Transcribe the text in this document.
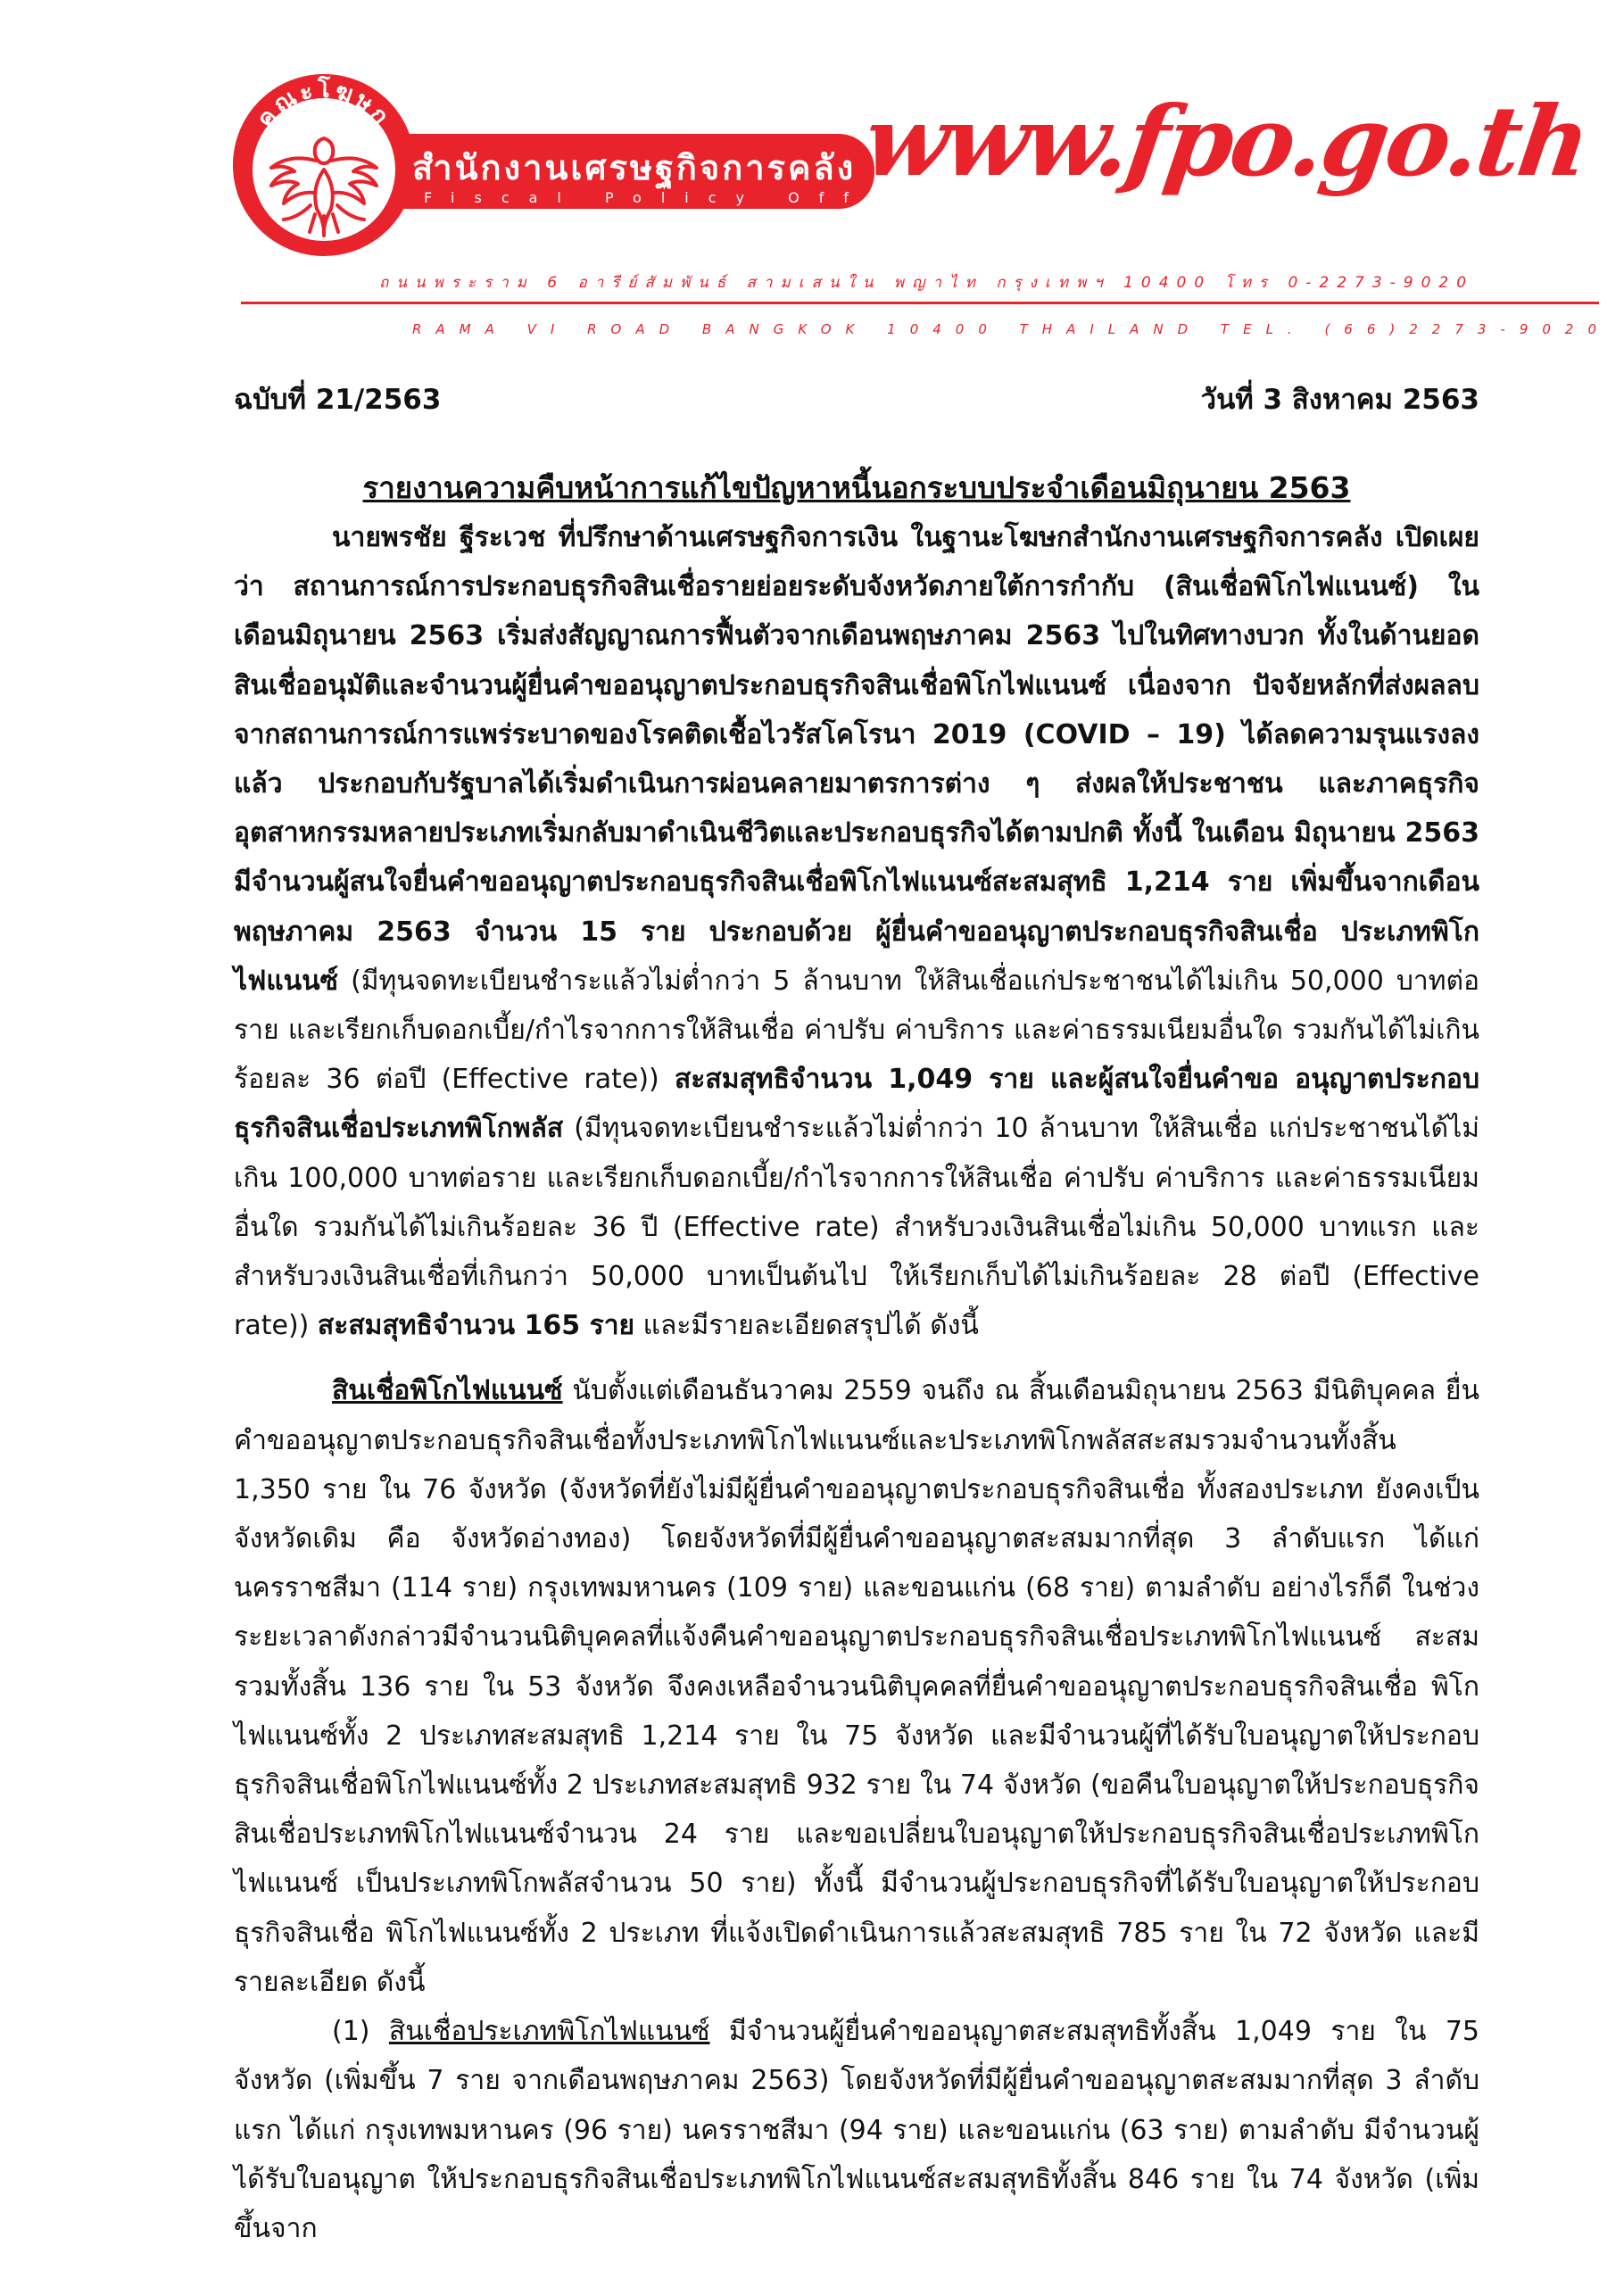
คณะโฆษก
สำนักงานเศรษฐกิจการคลัง
Fiscal Policy Office
www.fpo.go.th
ถนนพระราม 6 อารีย์สัมพันธ์ สามเสนใน พญาไท กรุงเทพฯ 10400 โทร 0-2273-9020
RAMA VI ROAD BANGKOK 10400 THAILAND TEL. (66)2273-9020
ฉบับที่ 21/2563	วันที่ 3 สิงหาคม 2563
รายงานความคืบหน้าการแก้ไขปัญหาหนี้นอกระบบประจำเดือนมิถุนายน 2563

นายพรชัย ฐีระเวช ที่ปรึกษาด้านเศรษฐกิจการเงิน ในฐานะโฆษกสำนักงานเศรษฐกิจการคลัง เปิดเผยว่า สถานการณ์การประกอบธุรกิจสินเชื่อรายย่อยระดับจังหวัดภายใต้การกำกับ (สินเชื่อพิโกไฟแนนซ์) ในเดือนมิถุนายน 2563 เริ่มส่งสัญญาณการฟื้นตัวจากเดือนพฤษภาคม 2563 ไปในทิศทางบวก ทั้งในด้านยอดสินเชื่ออนุมัติและจำนวนผู้ยื่นคำขออนุญาตประกอบธุรกิจสินเชื่อพิโกไฟแนนซ์ เนื่องจาก ปัจจัยหลักที่ส่งผลลบจากสถานการณ์การแพร่ระบาดของโรคติดเชื้อไวรัสโคโรนา 2019 (COVID – 19) ได้ลดความรุนแรงลงแล้ว ประกอบกับรัฐบาลได้เริ่มดำเนินการผ่อนคลายมาตรการต่าง ๆ ส่งผลให้ประชาชน และภาคธุรกิจอุตสาหกรรมหลายประเภทเริ่มกลับมาดำเนินชีวิตและประกอบธุรกิจได้ตามปกติ ทั้งนี้ ในเดือน มิถุนายน 2563 มีจำนวนผู้สนใจยื่นคำขออนุญาตประกอบธุรกิจสินเชื่อพิโกไฟแนนซ์สะสมสุทธิ 1,214 ราย เพิ่มขึ้นจากเดือนพฤษภาคม 2563 จำนวน 15 ราย ประกอบด้วย ผู้ยื่นคำขออนุญาตประกอบธุรกิจสินเชื่อ ประเภทพิโกไฟแนนซ์ (มีทุนจดทะเบียนชำระแล้วไม่ต่ำกว่า 5 ล้านบาท ให้สินเชื่อแก่ประชาชนได้ไม่เกิน 50,000 บาทต่อราย และเรียกเก็บดอกเบี้ย/กำไรจากการให้สินเชื่อ ค่าปรับ ค่าบริการ และค่าธรรมเนียมอื่นใด รวมกันได้ไม่เกินร้อยละ 36 ต่อปี (Effective rate)) สะสมสุทธิจำนวน 1,049 ราย และผู้สนใจยื่นคำขอ อนุญาตประกอบธุรกิจสินเชื่อประเภทพิโกพลัส (มีทุนจดทะเบียนชำระแล้วไม่ต่ำกว่า 10 ล้านบาท ให้สินเชื่อ แก่ประชาชนได้ไม่เกิน 100,000 บาทต่อราย และเรียกเก็บดอกเบี้ย/กำไรจากการให้สินเชื่อ ค่าปรับ ค่าบริการ และค่าธรรมเนียมอื่นใด รวมกันได้ไม่เกินร้อยละ 36 ปี (Effective rate) สำหรับวงเงินสินเชื่อไม่เกิน 50,000 บาทแรก และสำหรับวงเงินสินเชื่อที่เกินกว่า 50,000 บาทเป็นต้นไป ให้เรียกเก็บได้ไม่เกินร้อยละ 28 ต่อปี (Effective rate)) สะสมสุทธิจำนวน 165 ราย และมีรายละเอียดสรุปได้ ดังนี้

สินเชื่อพิโกไฟแนนซ์ นับตั้งแต่เดือนธันวาคม 2559 จนถึง ณ สิ้นเดือนมิถุนายน 2563 มีนิติบุคคล ยื่นคำขออนุญาตประกอบธุรกิจสินเชื่อทั้งประเภทพิโกไฟแนนซ์และประเภทพิโกพลัสสะสมรวมจำนวนทั้งสิ้น 1,350 ราย ใน 76 จังหวัด (จังหวัดที่ยังไม่มีผู้ยื่นคำขออนุญาตประกอบธุรกิจสินเชื่อ ทั้งสองประเภท ยังคงเป็นจังหวัดเดิม คือ จังหวัดอ่างทอง) โดยจังหวัดที่มีผู้ยื่นคำขออนุญาตสะสมมากที่สุด 3 ลำดับแรก ได้แก่ นครราชสีมา (114 ราย) กรุงเทพมหานคร (109 ราย) และขอนแก่น (68 ราย) ตามลำดับ อย่างไรก็ดี ในช่วงระยะเวลาดังกล่าวมีจำนวนนิติบุคคลที่แจ้งคืนคำขออนุญาตประกอบธุรกิจสินเชื่อประเภทพิโกไฟแนนซ์ สะสมรวมทั้งสิ้น 136 ราย ใน 53 จังหวัด จึงคงเหลือจำนวนนิติบุคคลที่ยื่นคำขออนุญาตประกอบธุรกิจสินเชื่อ พิโกไฟแนนซ์ทั้ง 2 ประเภทสะสมสุทธิ 1,214 ราย ใน 75 จังหวัด และมีจำนวนผู้ที่ได้รับใบอนุญาตให้ประกอบ ธุรกิจสินเชื่อพิโกไฟแนนซ์ทั้ง 2 ประเภทสะสมสุทธิ 932 ราย ใน 74 จังหวัด (ขอคืนใบอนุญาตให้ประกอบธุรกิจ สินเชื่อประเภทพิโกไฟแนนซ์จำนวน 24 ราย และขอเปลี่ยนใบอนุญาตให้ประกอบธุรกิจสินเชื่อประเภทพิโกไฟแนนซ์ เป็นประเภทพิโกพลัสจำนวน 50 ราย) ทั้งนี้ มีจำนวนผู้ประกอบธุรกิจที่ได้รับใบอนุญาตให้ประกอบธุรกิจสินเชื่อ พิโกไฟแนนซ์ทั้ง 2 ประเภท ที่แจ้งเปิดดำเนินการแล้วสะสมสุทธิ 785 ราย ใน 72 จังหวัด และมีรายละเอียด ดังนี้

(1) สินเชื่อประเภทพิโกไฟแนนซ์ มีจำนวนผู้ยื่นคำขออนุญาตสะสมสุทธิทั้งสิ้น 1,049 ราย ใน 75 จังหวัด (เพิ่มขึ้น 7 ราย จากเดือนพฤษภาคม 2563) โดยจังหวัดที่มีผู้ยื่นคำขออนุญาตสะสมมากที่สุด 3 ลำดับแรก ได้แก่ กรุงเทพมหานคร (96 ราย) นครราชสีมา (94 ราย) และขอนแก่น (63 ราย) ตามลำดับ มีจำนวนผู้ได้รับใบอนุญาต ให้ประกอบธุรกิจสินเชื่อประเภทพิโกไฟแนนซ์สะสมสุทธิทั้งสิ้น 846 ราย ใน 74 จังหวัด (เพิ่มขึ้นจาก
